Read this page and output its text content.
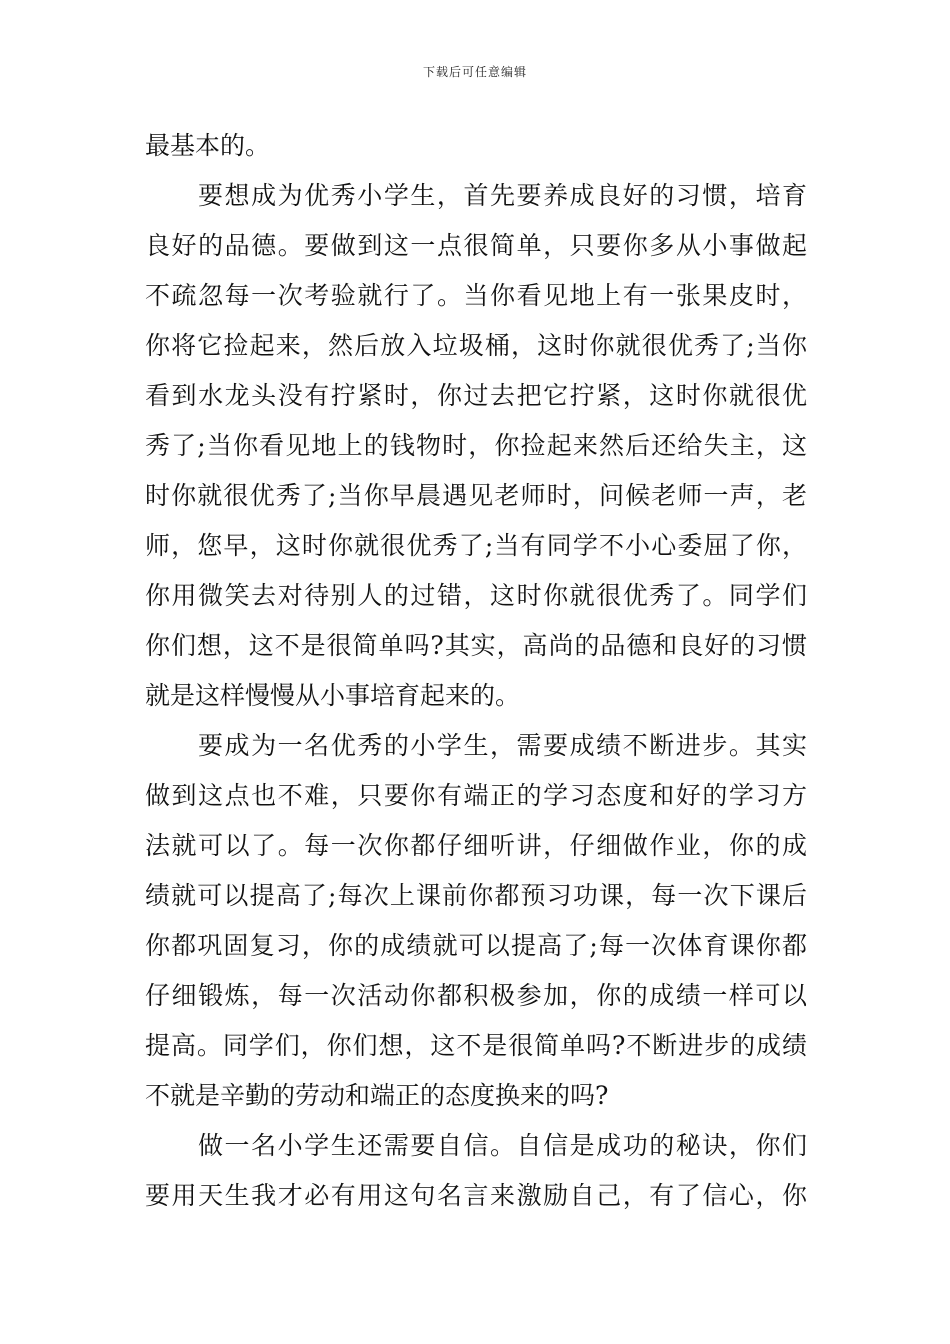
下载后可任意编辑
最基本的。
要想成为优秀小学生，首先要养成良好的习惯，培育
良好的品德。要做到这一点很简单，只要你多从小事做起
不疏忽每一次考验就行了。当你看见地上有一张果皮时，
你将它捡起来，然后放入垃圾桶，这时你就很优秀了;当你
看到水龙头没有拧紧时，你过去把它拧紧，这时你就很优
秀了;当你看见地上的钱物时，你捡起来然后还给失主，这
时你就很优秀了;当你早晨遇见老师时，问候老师一声，老
师，您早，这时你就很优秀了;当有同学不小心委屈了你，
你用微笑去对待别人的过错，这时你就很优秀了。同学们
你们想，这不是很简单吗?其实，高尚的品德和良好的习惯
就是这样慢慢从小事培育起来的。
要成为一名优秀的小学生，需要成绩不断进步。其实
做到这点也不难，只要你有端正的学习态度和好的学习方
法就可以了。每一次你都仔细听讲，仔细做作业，你的成
绩就可以提高了;每次上课前你都预习功课，每一次下课后
你都巩固复习，你的成绩就可以提高了;每一次体育课你都
仔细锻炼，每一次活动你都积极参加，你的成绩一样可以
提高。同学们，你们想，这不是很简单吗?不断进步的成绩
不就是辛勤的劳动和端正的态度换来的吗?
做一名小学生还需要自信。自信是成功的秘诀，你们
要用天生我才必有用这句名言来激励自己，有了信心，你
